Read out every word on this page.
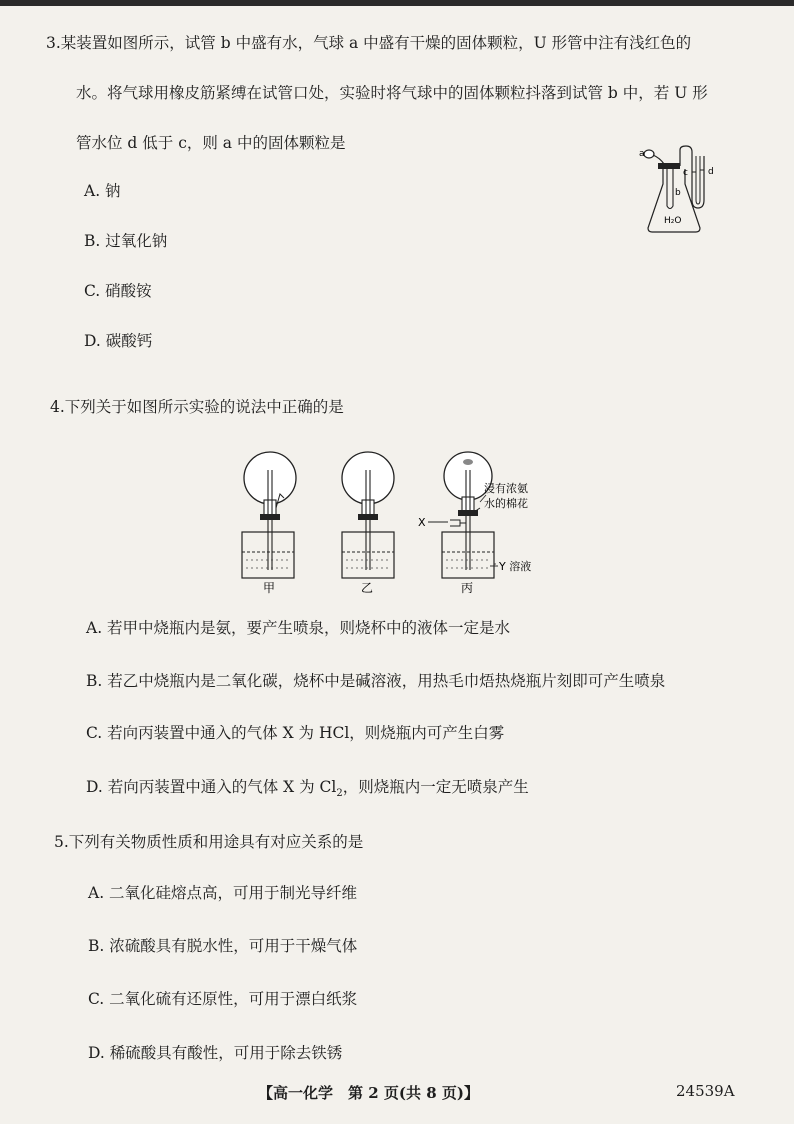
3.某装置如图所示，试管 b 中盛有水，气球 a 中盛有干燥的固体颗粒，U 形管中注有浅红色的
水。将气球用橡皮筋紧缚在试管口处，实验时将气球中的固体颗粒抖落到试管 b 中，若 U 形
管水位 d 低于 c，则 a 中的固体颗粒是
A. 钠
B. 过氧化钠
C. 硝酸铵
D. 碳酸钙
a
b
c d
H₂O
4.下列关于如图所示实验的说法中正确的是
甲	乙	丙
浸有浓氨
水的棉花
X
Y 溶液
A. 若甲中烧瓶内是氨，要产生喷泉，则烧杯中的液体一定是水
B. 若乙中烧瓶内是二氧化碳，烧杯中是碱溶液，用热毛巾焐热烧瓶片刻即可产生喷泉
C. 若向丙装置中通入的气体 X 为 HCl，则烧瓶内可产生白雾
D. 若向丙装置中通入的气体 X 为 $Cl_2$，则烧瓶内一定无喷泉产生
5.下列有关物质性质和用途具有对应关系的是
A. 二氧化硅熔点高，可用于制光导纤维
B. 浓硫酸具有脱水性，可用于干燥气体
C. 二氧化硫有还原性，可用于漂白纸浆
D. 稀硫酸具有酸性，可用于除去铁锈
【高一化学　第 2 页(共 8 页)】	24539A
